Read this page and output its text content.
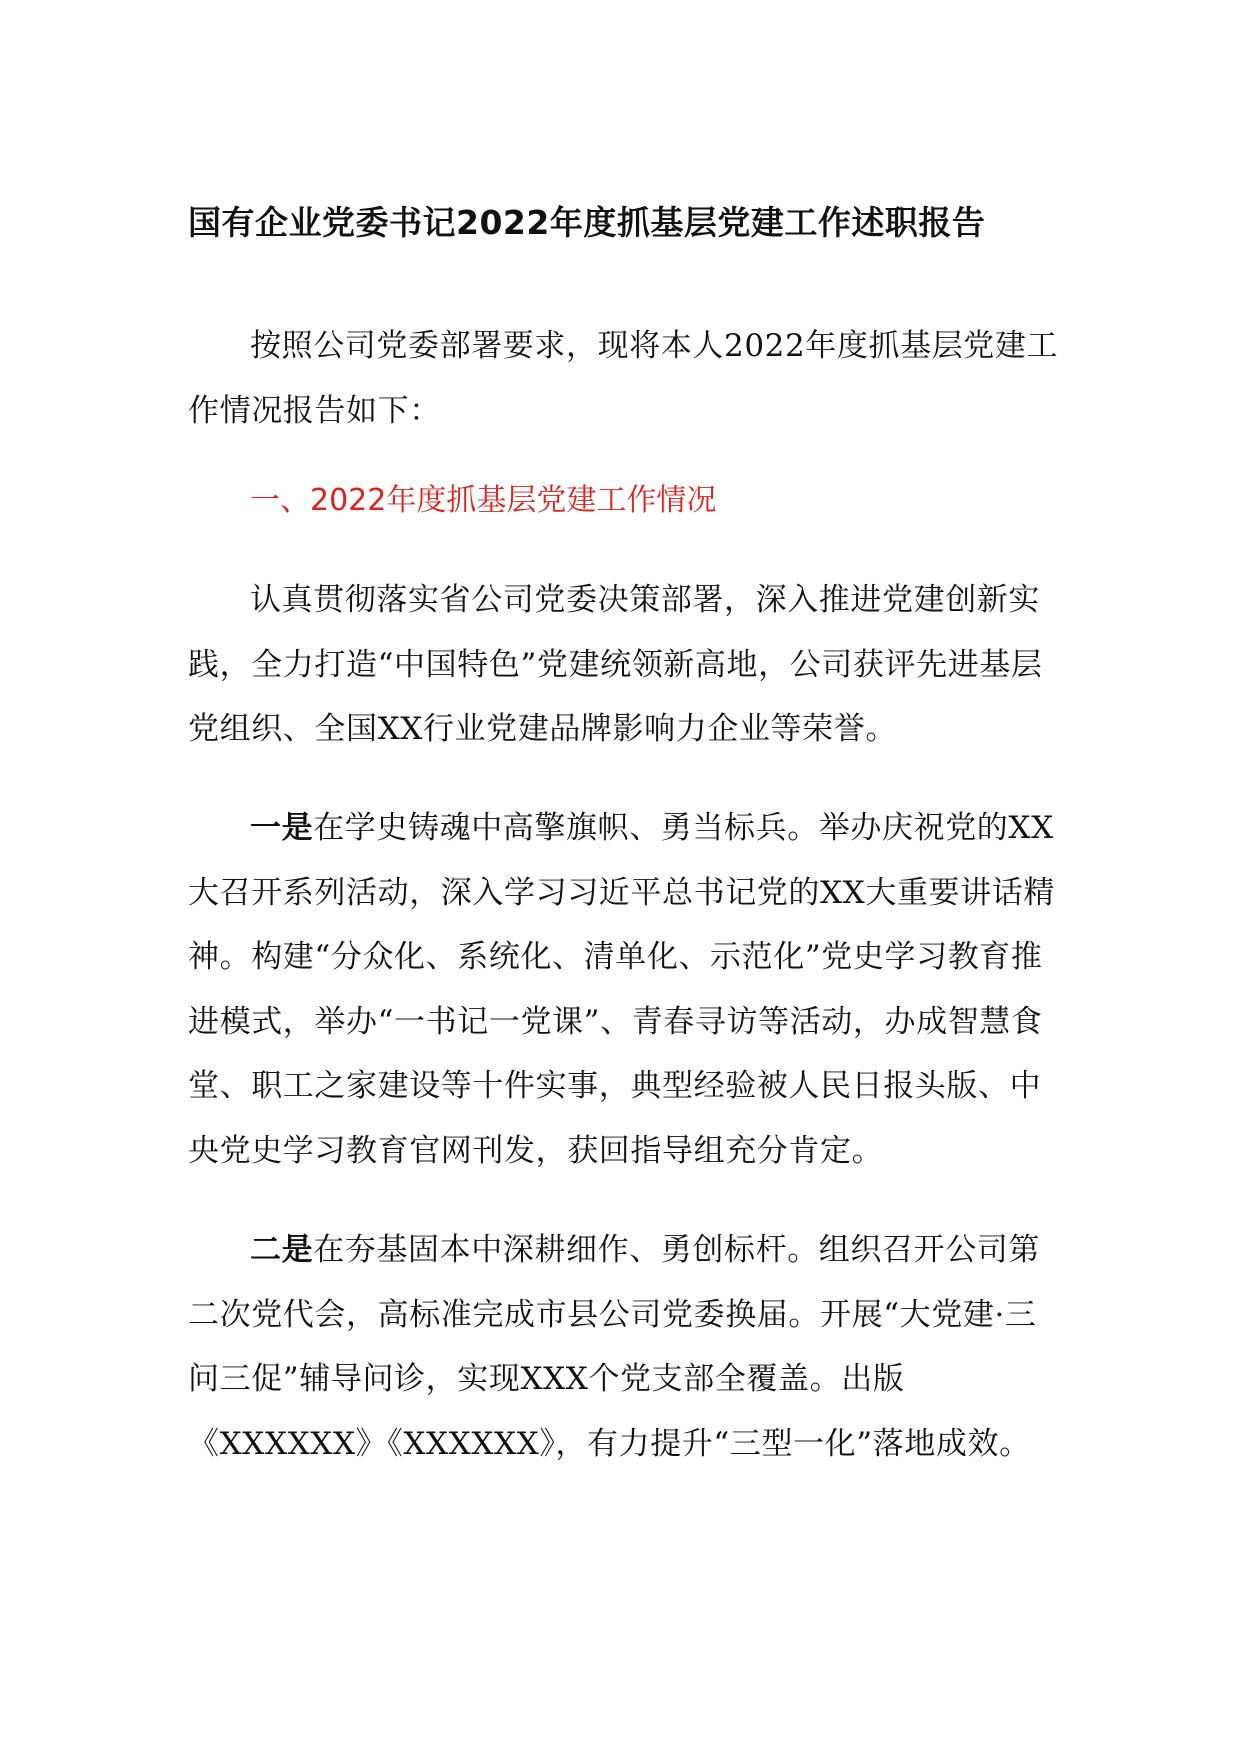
国有企业党委书记2022年度抓基层党建工作述职报告

按照公司党委部署要求，现将本人2022年度抓基层党建工作情况报告如下：

一、2022年度抓基层党建工作情况

认真贯彻落实省公司党委决策部署，深入推进党建创新实践，全力打造“中国特色”党建统领新高地，公司获评先进基层党组织、全国XX行业党建品牌影响力企业等荣誉。

一是在学史铸魂中高擎旗帜、勇当标兵。举办庆祝党的XX大召开系列活动，深入学习习近平总书记党的XX大重要讲话精神。构建“分众化、系统化、清单化、示范化”党史学习教育推进模式，举办“一书记一党课”、青春寻访等活动，办成智慧食堂、职工之家建设等十件实事，典型经验被人民日报头版、中央党史学习教育官网刊发，获回指导组充分肯定。

二是在夯基固本中深耕细作、勇创标杆。组织召开公司第二次党代会，高标准完成市县公司党委换届。开展“大党建·三问三促”辅导问诊，实现XXX个党支部全覆盖。出版《XXXXXX》《XXXXXX》，有力提升“三型一化”落地成效。
